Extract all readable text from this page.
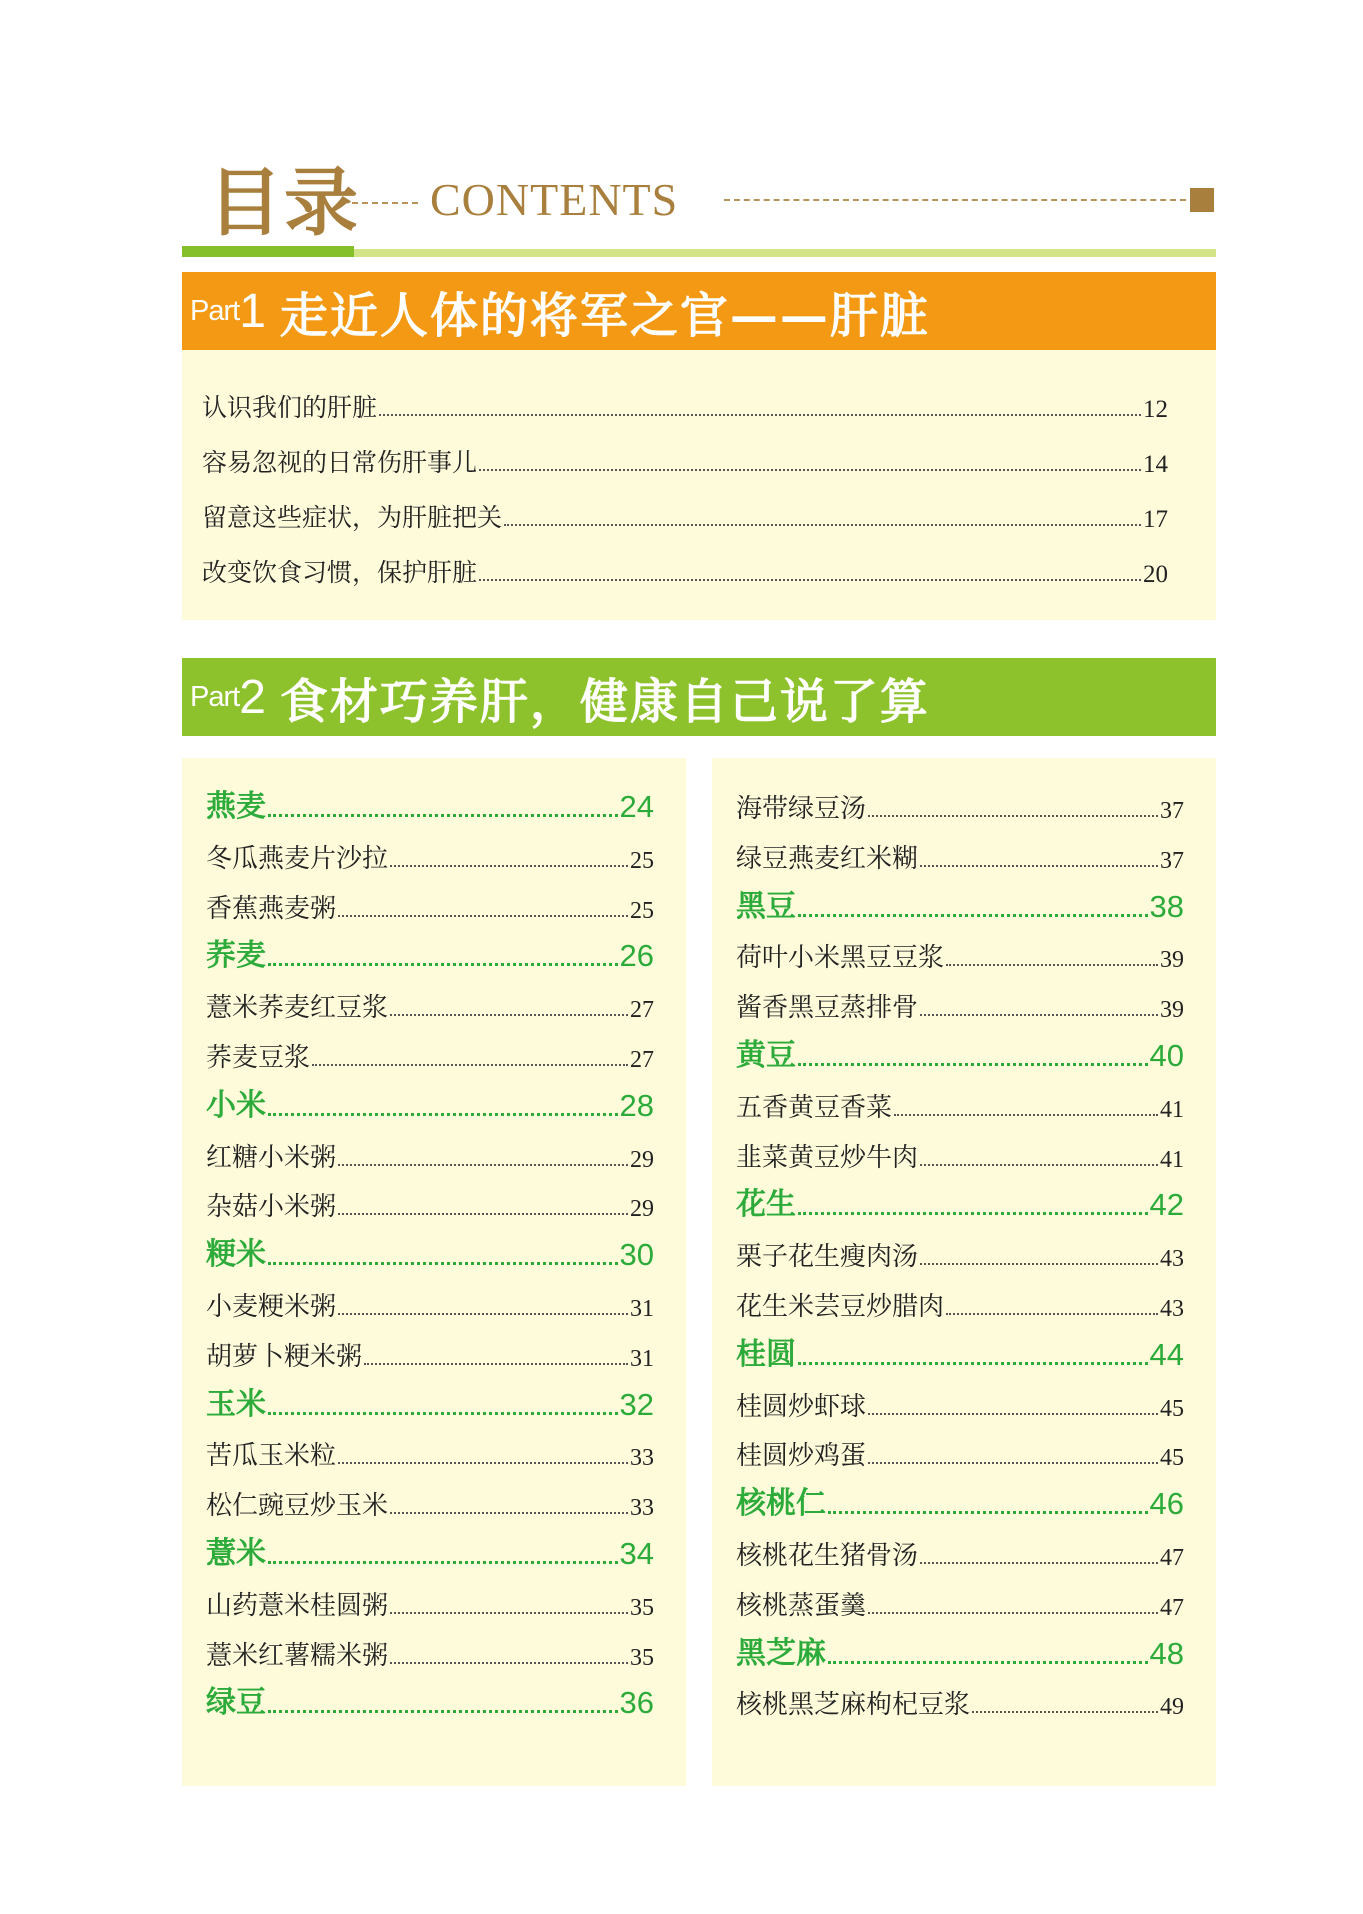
目录 CONTENTS
Part 1 走近人体的将军之官——肝脏
Part 2 食材巧养肝，健康自己说了算
认识我们的肝脏	12
容易忽视的日常伤肝事儿	14
留意这些症状，为肝脏把关	17
改变饮食习惯，保护肝脏	20
燕麦	24
冬瓜燕麦片沙拉	25
香蕉燕麦粥	25
荞麦	26
薏米荞麦红豆浆	27
荞麦豆浆	27
小米	28
红糖小米粥	29
杂菇小米粥	29
粳米	30
小麦粳米粥	31
胡萝卜粳米粥	31
玉米	32
苦瓜玉米粒	33
松仁豌豆炒玉米	33
薏米	34
山药薏米桂圆粥	35
薏米红薯糯米粥	35
绿豆	36
海带绿豆汤	37
绿豆燕麦红米糊	37
黑豆	38
荷叶小米黑豆豆浆	39
酱香黑豆蒸排骨	39
黄豆	40
五香黄豆香菜	41
韭菜黄豆炒牛肉	41
花生	42
栗子花生瘦肉汤	43
花生米芸豆炒腊肉	43
桂圆	44
桂圆炒虾球	45
桂圆炒鸡蛋	45
核桃仁	46
核桃花生猪骨汤	47
核桃蒸蛋羹	47
黑芝麻	48
核桃黑芝麻枸杞豆浆	49
